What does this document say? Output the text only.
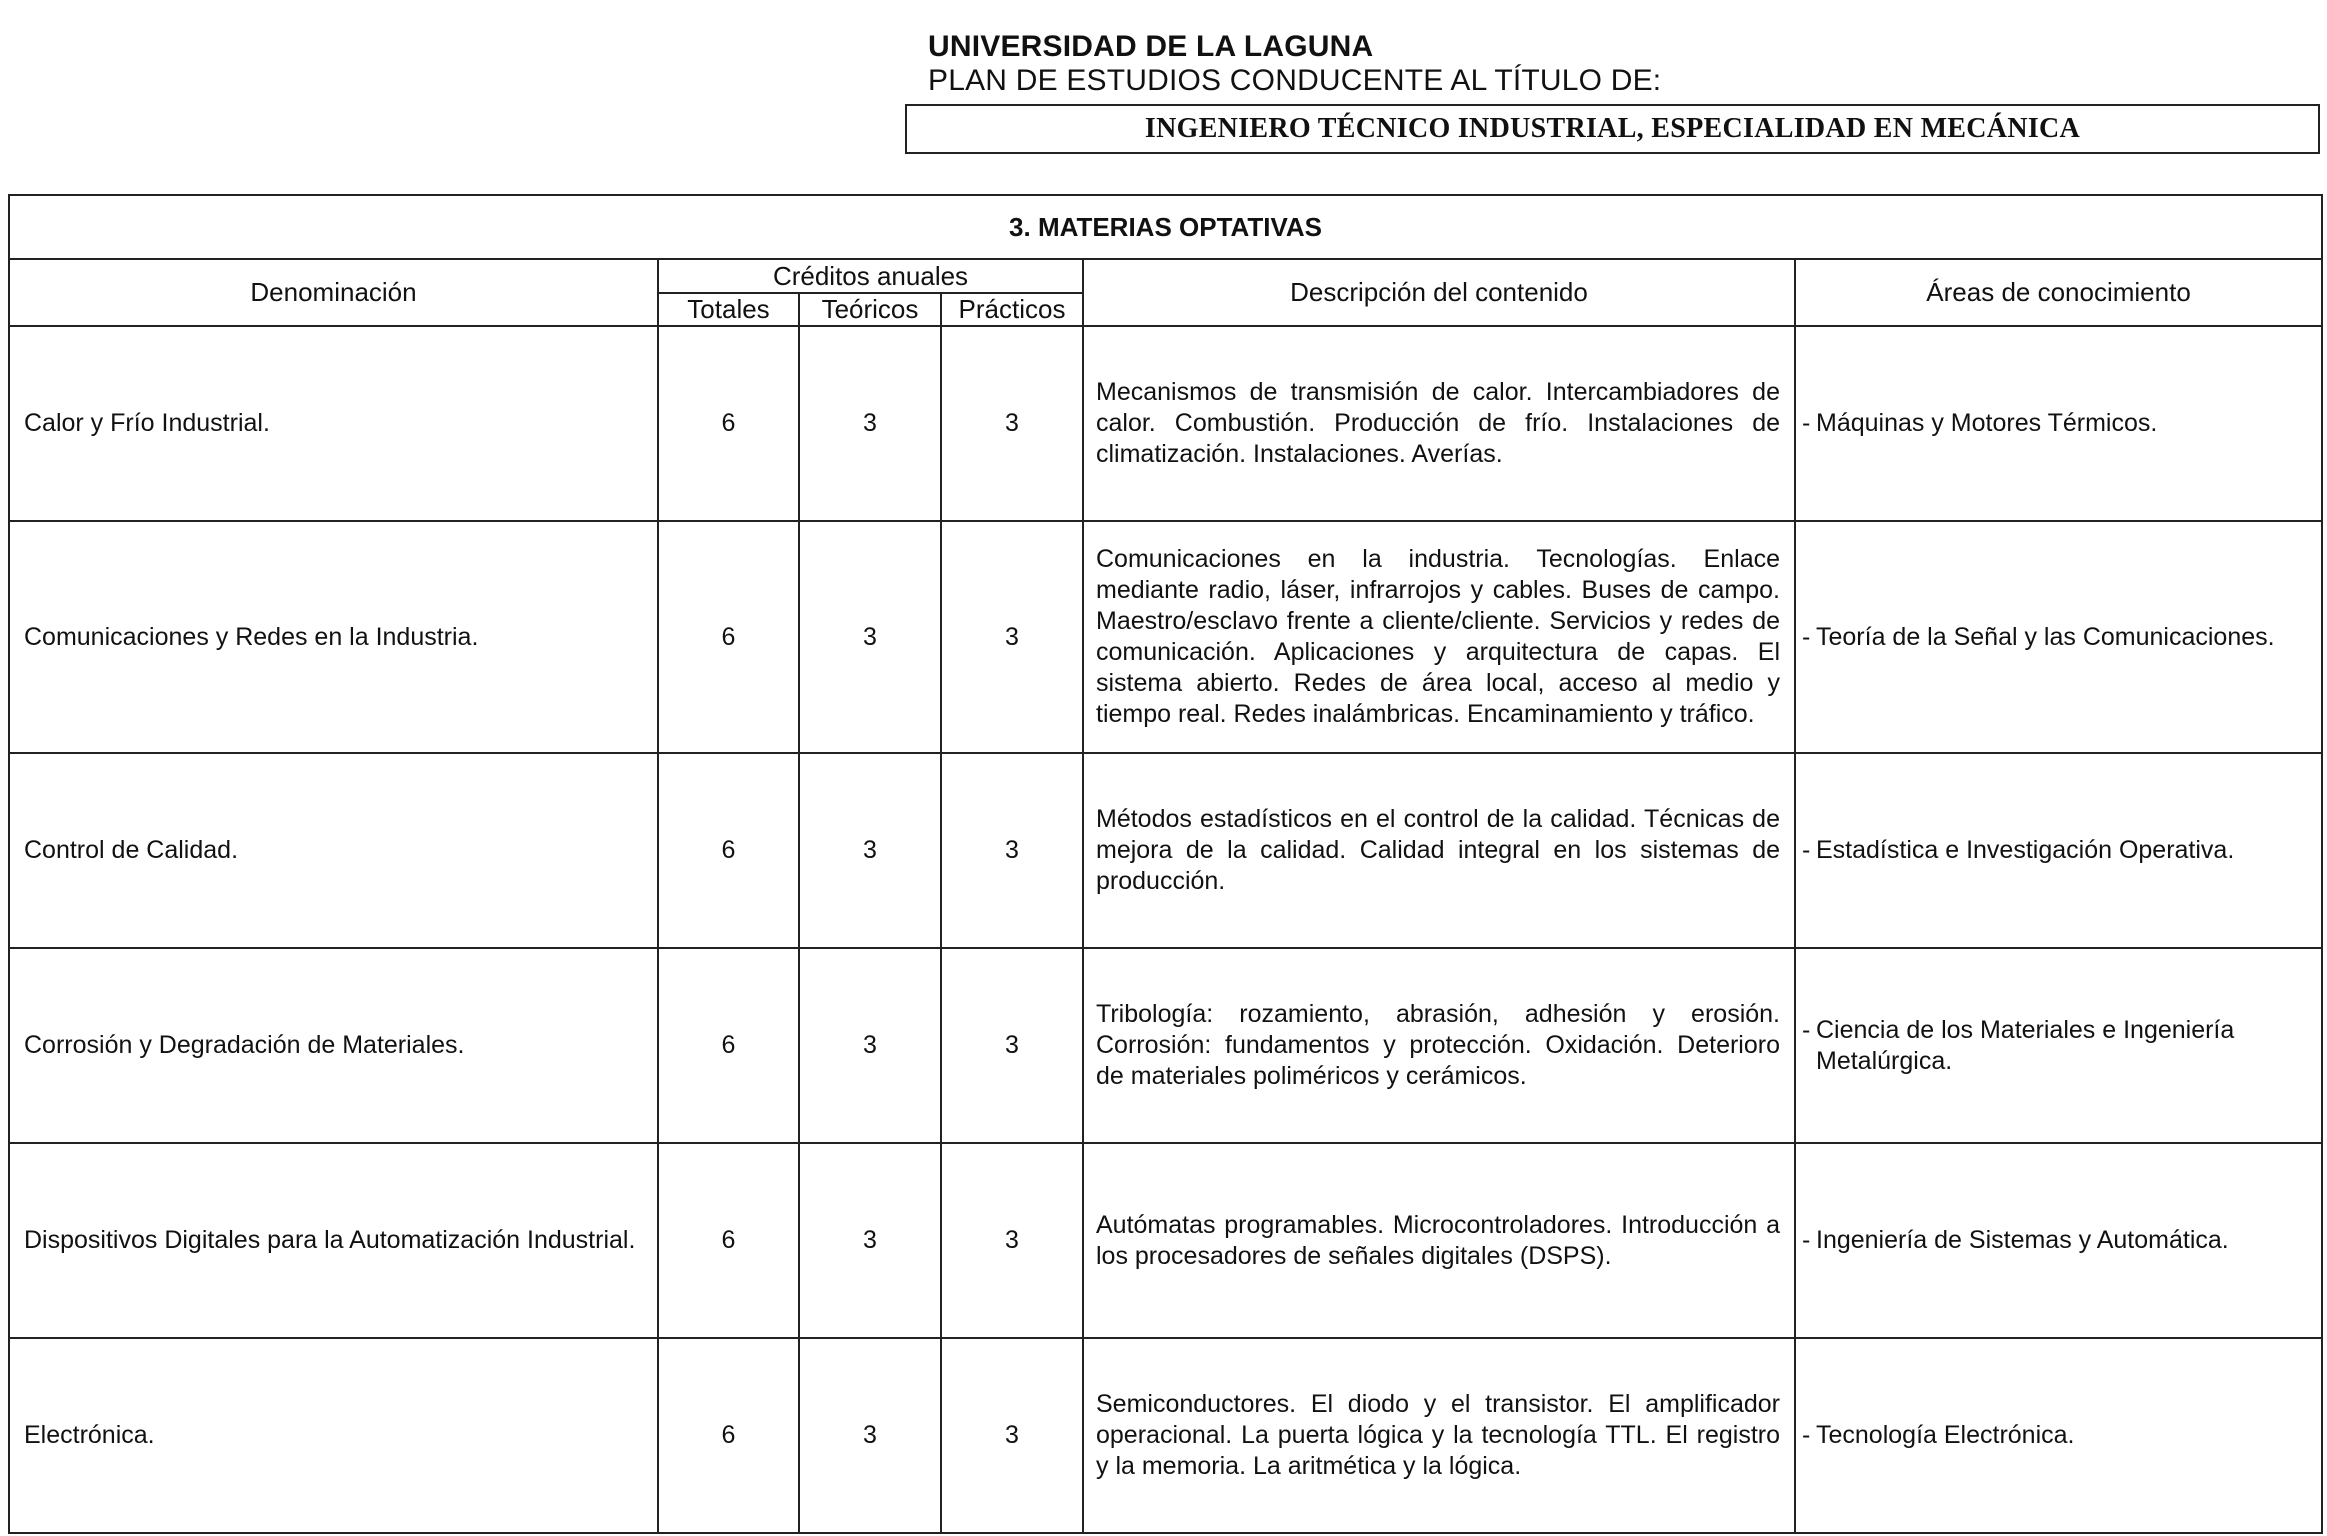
UNIVERSIDAD DE LA LAGUNA
PLAN DE ESTUDIOS CONDUCENTE AL TÍTULO DE:
INGENIERO TÉCNICO INDUSTRIAL, ESPECIALIDAD EN MECÁNICA
3. MATERIAS OPTATIVAS					
Denominación	Créditos anuales			Descripción del contenido	Áreas de conocimiento
	Totales	Teóricos	Prácticos		
Calor y Frío Industrial.	6	3	3	Mecanismos de transmisión de calor. Intercambiadores de calor. Combustión. Producción de frío. Instalaciones de climatización. Instalaciones. Averías.	- Máquinas y Motores Térmicos.

Comunicaciones y Redes en la Industria.	6	3	3	Comunicaciones en la industria. Tecnologías. Enlace mediante radio, láser, infrarrojos y cables. Buses de campo. Maestro/esclavo frente a cliente/cliente. Servicios y redes de comunicación. Aplicaciones y arquitectura de capas. El sistema abierto. Redes de área local, acceso al medio y tiempo real. Redes inalámbricas. Encaminamiento y tráfico.	- Teoría de la Señal y las Comunicaciones.

Control de Calidad.	6	3	3	Métodos estadísticos en el control de la calidad. Técnicas de mejora de la calidad. Calidad integral en los sistemas de producción.	- Estadística e Investigación Operativa.

Corrosión y Degradación de Materiales.	6	3	3	Tribología: rozamiento, abrasión, adhesión y erosión. Corrosión: fundamentos y protección. Oxidación. Deterioro de materiales poliméricos y cerámicos.	- Ciencia de los Materiales e Ingeniería Metalúrgica.

Dispositivos Digitales para la Automatización Industrial.	6	3	3	Autómatas programables. Microcontroladores. Introducción a los procesadores de señales digitales (DSPS).	- Ingeniería de Sistemas y Automática.

Electrónica.	6	3	3	Semiconductores. El diodo y el transistor. El amplificador operacional. La puerta lógica y la tecnología TTL. El registro y la memoria. La aritmética y la lógica.	- Tecnología Electrónica.
